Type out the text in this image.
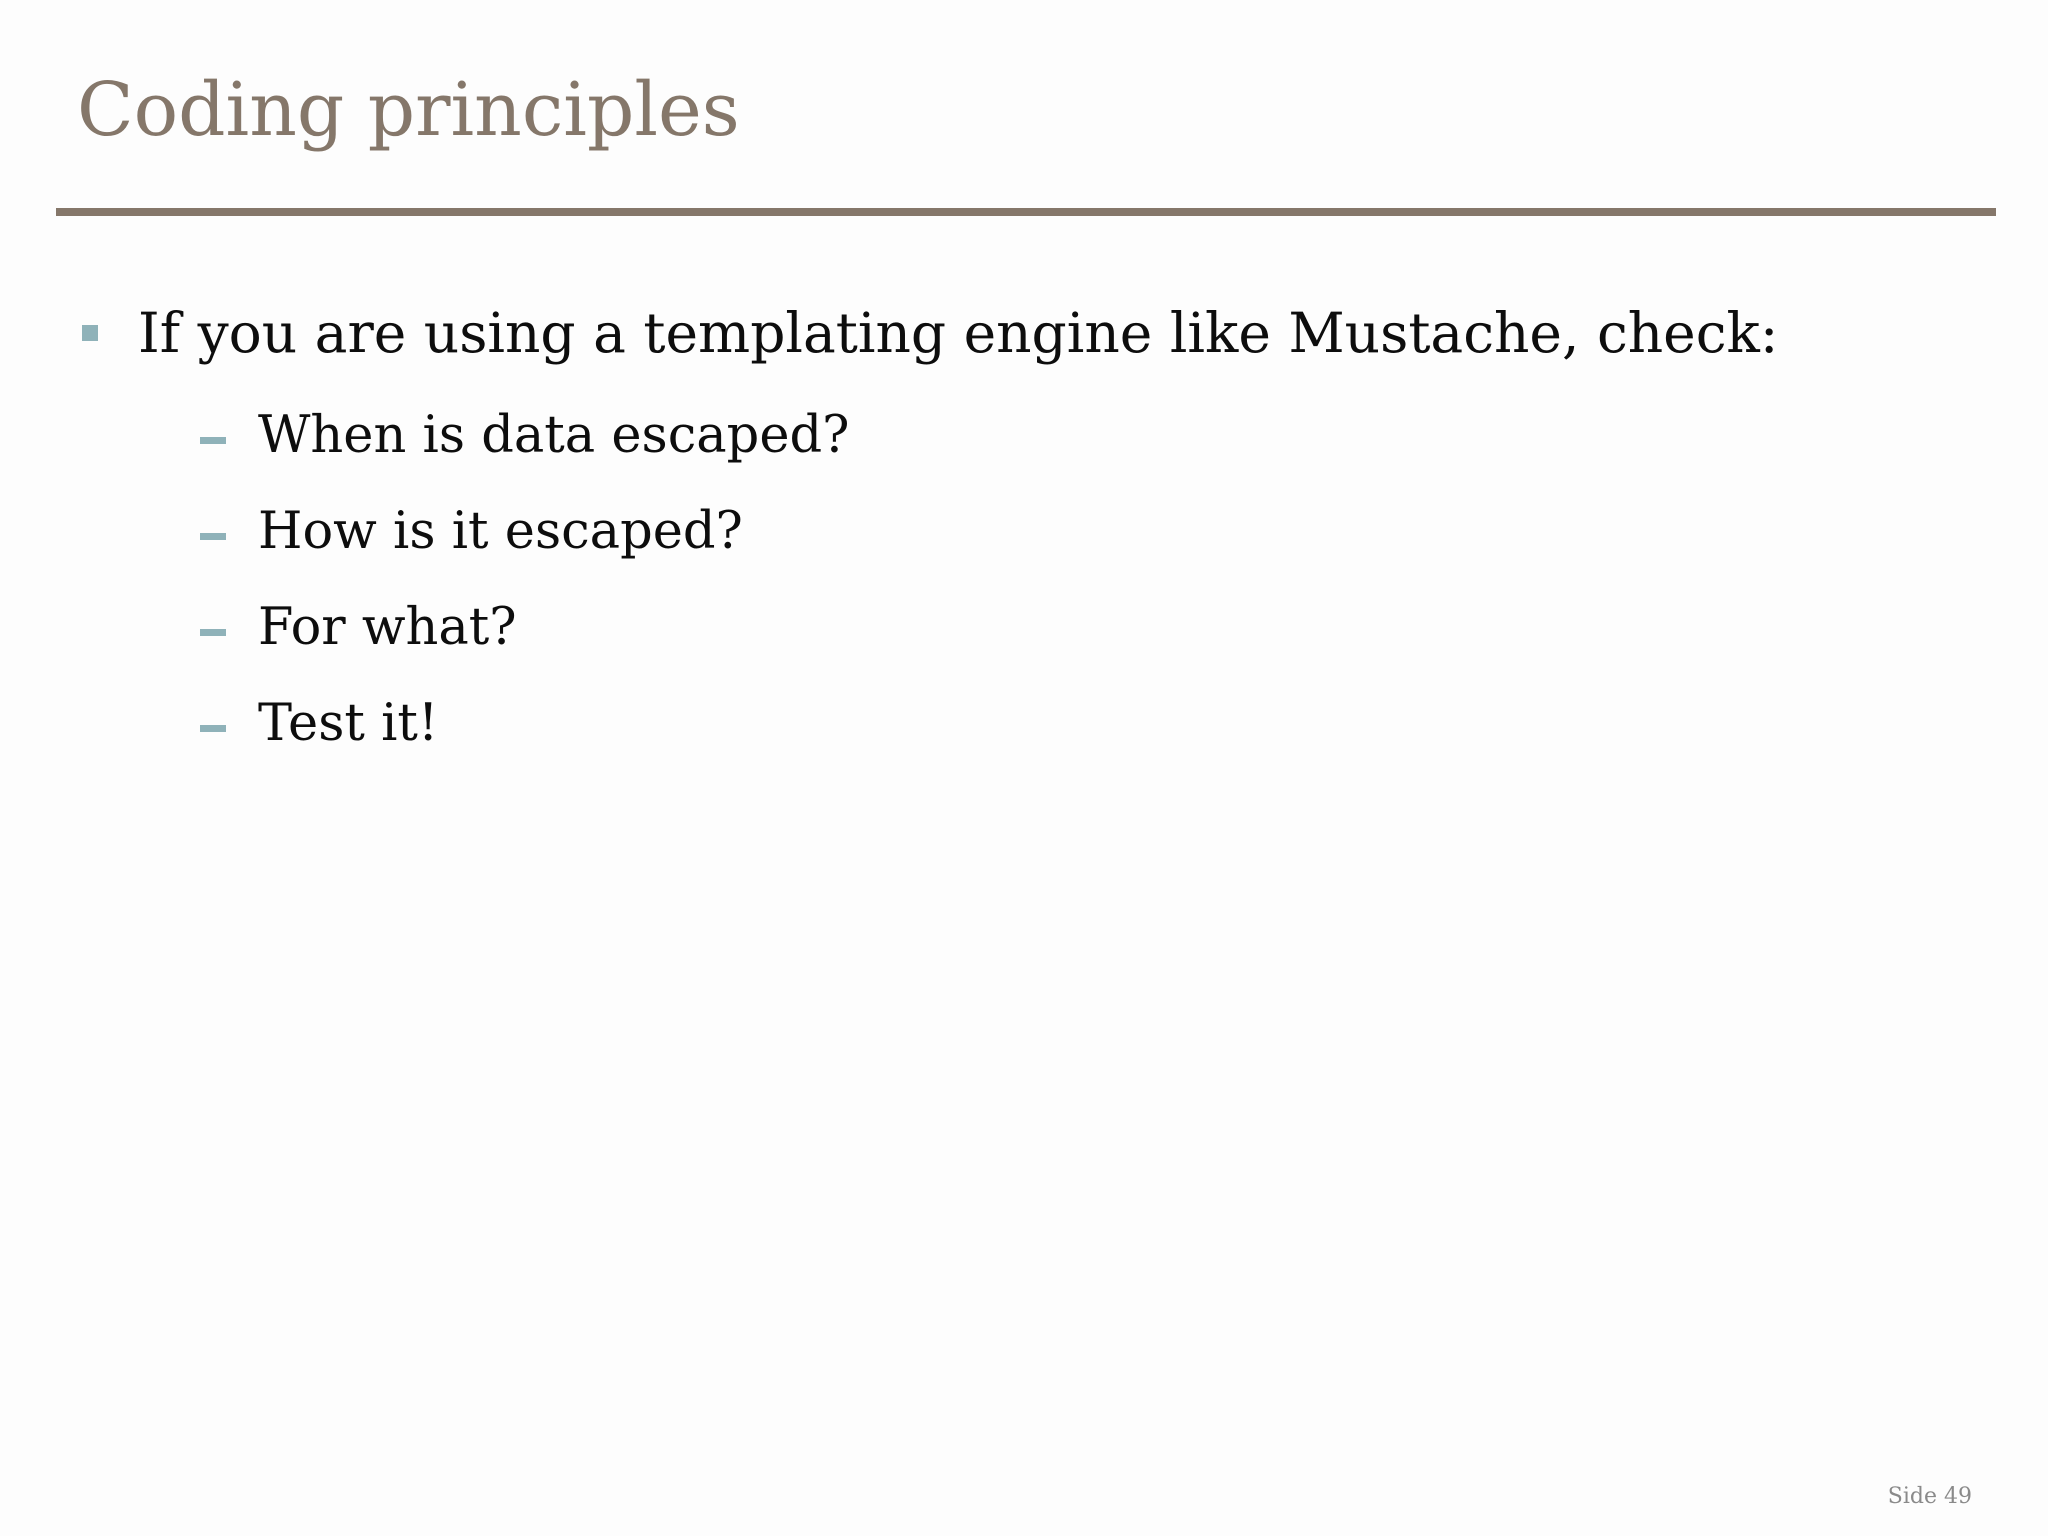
Coding principles
If you are using a templating engine like Mustache, check:
When is data escaped?
How is it escaped?
For what?
Test it!
Side 49
